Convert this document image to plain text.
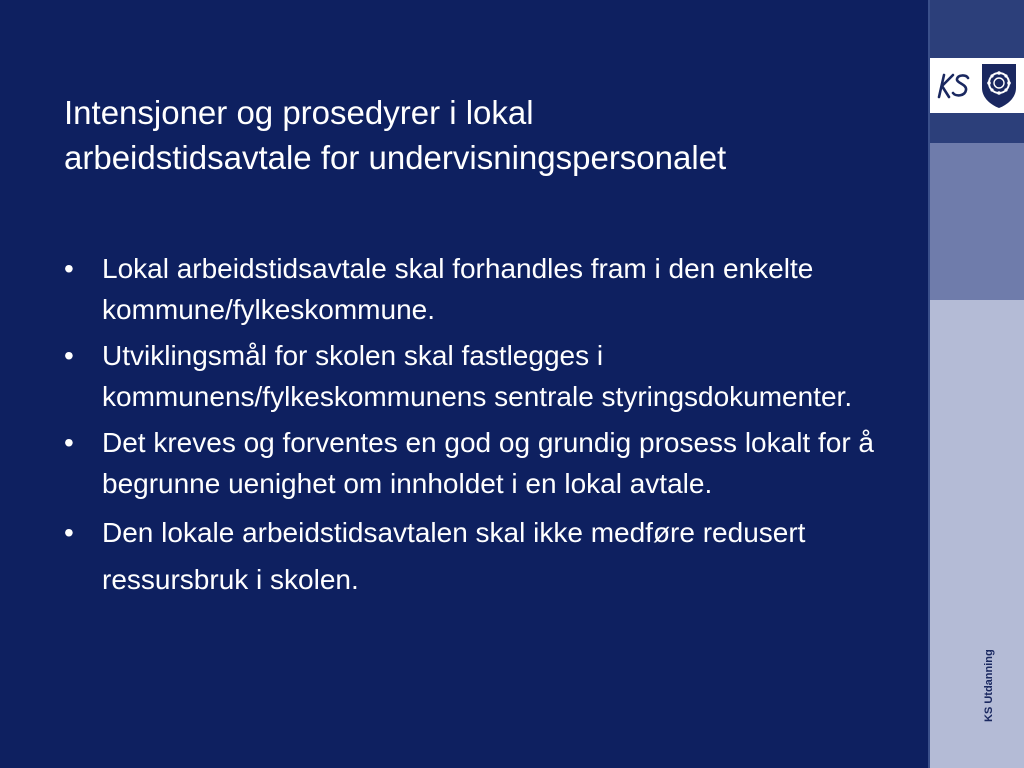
Intensjoner og prosedyrer i lokal
arbeidstidsavtale for undervisningspersonalet
•	Lokal arbeidstidsavtale skal forhandles fram i den enkelte kommune/fylkeskommune.
•	Utviklingsmål for skolen skal fastlegges i kommunens/fylkeskommunens sentrale styringsdokumenter.
•	Det kreves og forventes en god og grundig prosess lokalt for å begrunne uenighet om innholdet i en lokal avtale.
•	Den lokale arbeidstidsavtalen skal ikke medføre redusert ressursbruk i skolen.
KS Utdanning
